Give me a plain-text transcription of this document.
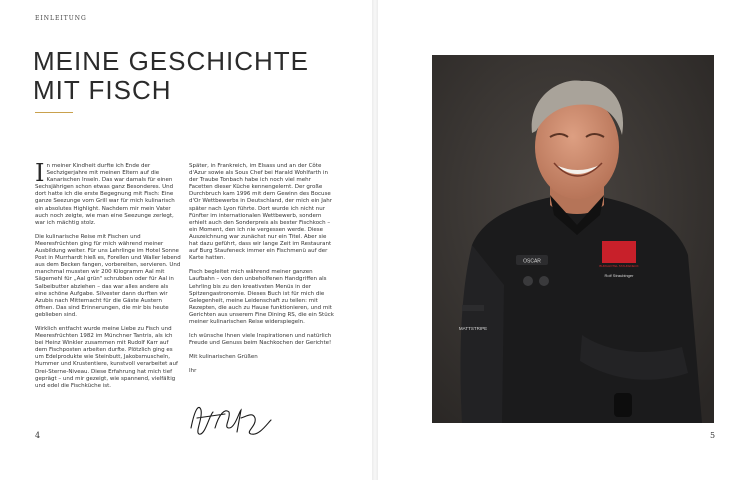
EINLEITUNG
MEINE GESCHICHTE
MIT FISCH

In meiner Kindheit durfte ich Ende der Sechzigerjahre mit meinen Eltern auf die Kanarischen Inseln. Das war damals für einen Sechsjährigen schon etwas ganz Besonderes. Und dort hatte ich die erste Begegnung mit Fisch: Eine ganze Seezunge vom Grill war für mich kulinarisch ein absolutes Highlight. Nachdem mir mein Vater auch noch zeigte, wie man eine Seezunge zerlegt, war ich mächtig stolz.

Die kulinarische Reise mit Fischen und Meeresfrüchten ging für mich während meiner Ausbildung weiter. Für uns Lehrlinge im Hotel Sonne Post in Murrhardt hieß es, Forellen und Waller lebend aus dem Becken fangen, vorbereiten, servieren. Und manchmal mussten wir 200 Kilogramm Aal mit Sägemehl für „Aal grün" schrubben oder für Aal in Salbeibutter abziehen – das war alles andere als eine schöne Aufgabe. Silvester dann durften wir Azubis nach Mitternacht für die Gäste Austern öffnen. Das sind Erinnerungen, die mir bis heute geblieben sind.

Wirklich entfacht wurde meine Liebe zu Fisch und Meeresfrüchten 1982 im Münchner Tantris, als ich bei Heinz Winkler zusammen mit Rudolf Karr auf dem Fischposten arbeiten durfte. Plötzlich ging es um Edelprodukte wie Steinbutt, Jakobsmuscheln, Hummer und Krustentiere, kunstvoll verarbeitet auf Drei-Sterne-Niveau. Diese Erfahrung hat mich tief geprägt – und mir gezeigt, wie spannend, vielfältig und edel die Fischküche ist.

Später, in Frankreich, im Elsass und an der Côte d'Azur sowie als Sous Chef bei Harald Wohlfarth in der Traube Tonbach habe ich noch viel mehr Facetten dieser Küche kennengelernt. Der große Durchbruch kam 1996 mit dem Gewinn des Bocuse d'Or Wettbewerbs in Deutschland, der mich ein Jahr später nach Lyon führte. Dort wurde ich nicht nur Fünfter im internationalen Wettbewerb, sondern erhielt auch den Sonderpreis als bester Fischkoch – ein Moment, den ich nie vergessen werde. Diese Auszeichnung war zunächst nur ein Titel. Aber sie hat dazu geführt, dass wir lange Zeit im Restaurant auf Burg Staufeneck immer ein Fischmenü auf der Karte hatten.

Fisch begleitet mich während meiner ganzen Laufbahn – von den unbeholfenen Handgriffen als Lehrling bis zu den kreativsten Menüs in der Spitzengastronomie. Dieses Buch ist für mich die Gelegenheit, meine Leidenschaft zu teilen: mit Rezepten, die auch zu Hause funktionieren, und mit Gerichten aus unserem Fine Dining RS, die ein Stück meiner kulinarischen Reise widerspiegeln.

Ich wünsche Ihnen viele Inspirationen und natürlich Freude und Genuss beim Nachkochen der Gerichte!

Mit kulinarischen Grüßen

Ihr

4
OSCAR
BURGHOTEL STAUFENECK
Rolf Straubinger
MATTSTRIPE
5
